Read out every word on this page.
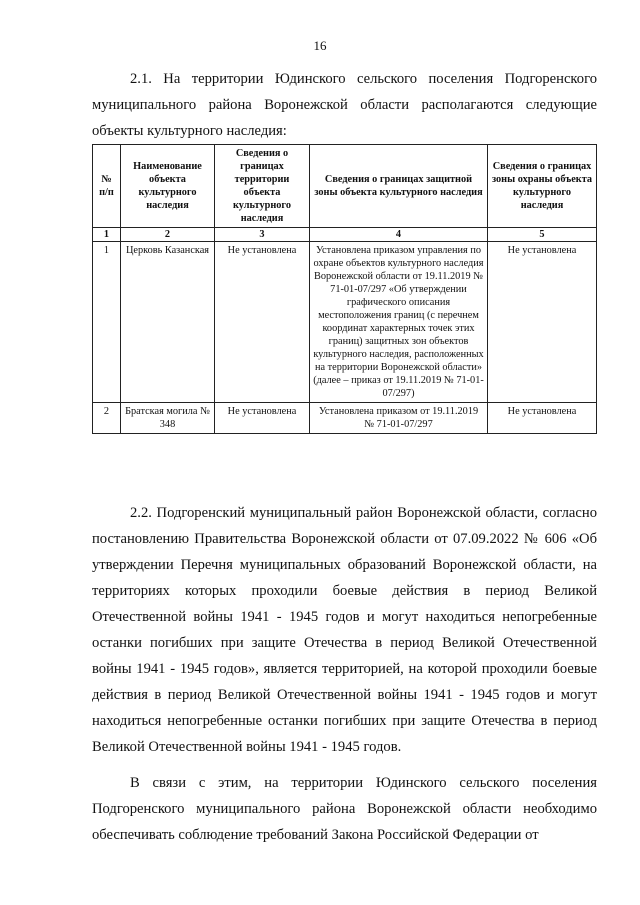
16
2.1. На территории Юдинского сельского поселения Подгоренского муниципального района Воронежской области располагаются следующие объекты культурного наследия:
№ п/п	Наименование объекта культурного наследия	Сведения о границах территории объекта культурного наследия	Сведения о границах защитной зоны объекта культурного наследия	Сведения о границах зоны охраны объекта культурного наследия
1	2	3	4	5
1	Церковь Казанская	Не установлена	Установлена приказом управления по охране объектов культурного наследия Воронежской области от 19.11.2019 № 71-01-07/297 «Об утверждении графического описания местоположения границ (с перечнем координат характерных точек этих границ) защитных зон объектов культурного наследия, расположенных на территории Воронежской области» (далее – приказ от 19.11.2019 № 71-01-07/297)	Не установлена
2	Братская могила № 348	Не установлена	Установлена приказом от 19.11.2019 № 71-01-07/297	Не установлена
2.2. Подгоренский муниципальный район Воронежской области, согласно постановлению Правительства Воронежской области от 07.09.2022 № 606 «Об утверждении Перечня муниципальных образований Воронежской области, на территориях которых проходили боевые действия в период Великой Отечественной войны 1941 - 1945 годов и могут находиться непогребенные останки погибших при защите Отечества в период Великой Отечественной войны 1941 - 1945 годов», является территорией, на которой проходили боевые действия в период Великой Отечественной войны 1941 - 1945 годов и могут находиться непогребенные останки погибших при защите Отечества в период Великой Отечественной войны 1941 - 1945 годов.
В связи с этим, на территории Юдинского сельского поселения Подгоренского муниципального района Воронежской области необходимо обеспечивать соблюдение требований Закона Российской Федерации от
